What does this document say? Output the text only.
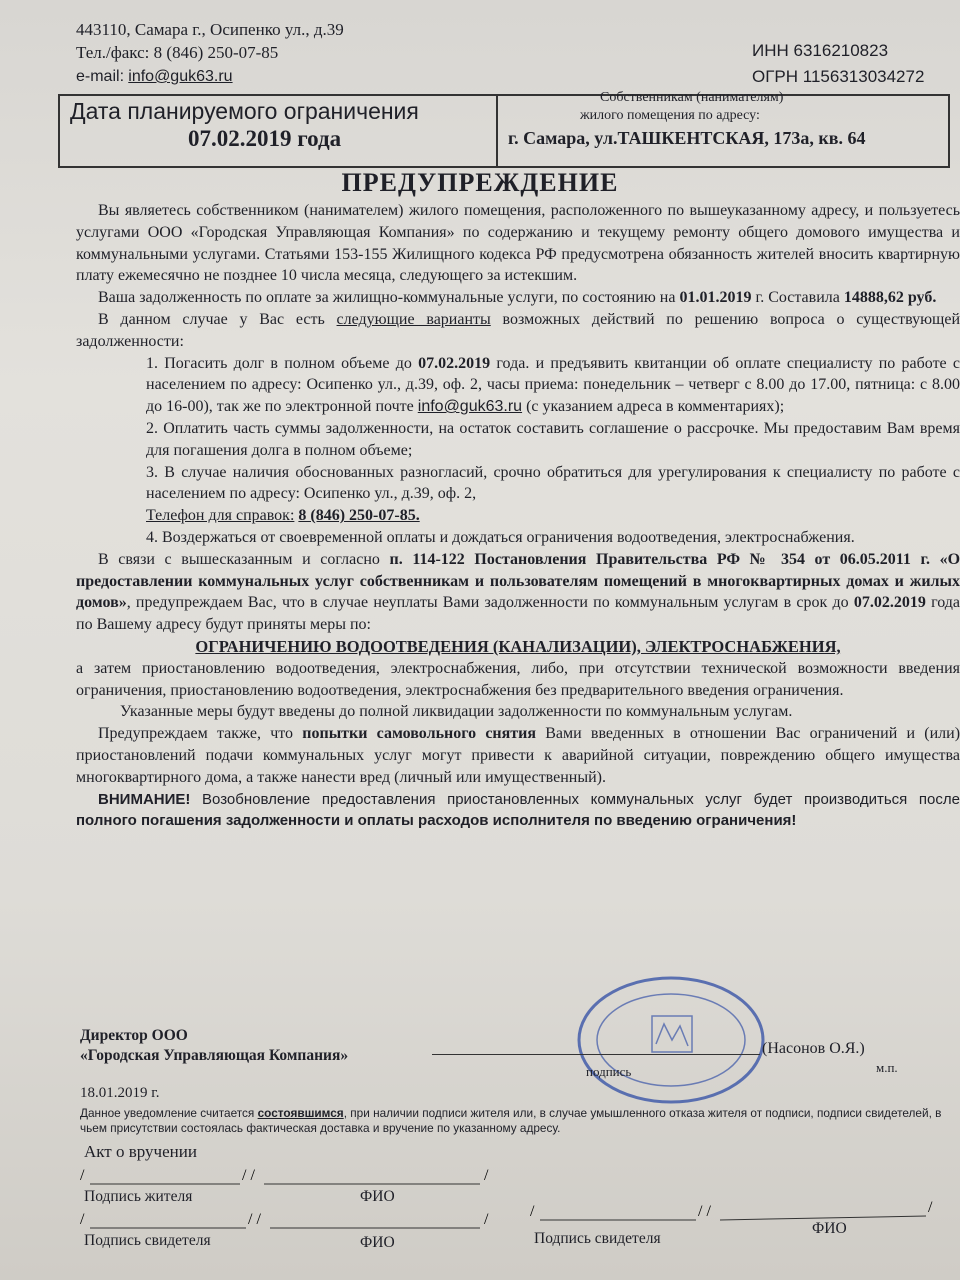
443110, Самара г., Осипенко ул., д.39
Тел./факс: 8 (846) 250-07-85
e-mail: info@guk63.ru
ИНН 6316210823
ОГРН 1156313034272
Дата планируемого ограничения
07.02.2019 года
Собственникам (нанимателям)
жилого помещения по адресу:
г. Самара, ул.ТАШКЕНТСКАЯ, 173а, кв. 64
ПРЕДУПРЕЖДЕНИЕ

Вы являетесь собственником (нанимателем) жилого помещения, расположенного по вышеуказанному адресу, и пользуетесь услугами ООО «Городская Управляющая Компания» по содержанию и текущему ремонту общего домового имущества и коммунальными услугами. Статьями 153-155 Жилищного кодекса РФ предусмотрена обязанность жителей вносить квартирную плату ежемесячно не позднее 10 числа месяца, следующего за истекшим.

Ваша задолженность по оплате за жилищно-коммунальные услуги, по состоянию на 01.01.2019 г. Составила 14888,62 руб.

В данном случае у Вас есть следующие варианты возможных действий по решению вопроса о существующей задолженности:

1. Погасить долг в полном объеме до 07.02.2019 года. и предъявить квитанции об оплате специалисту по работе с населением по адресу: Осипенко ул., д.39, оф. 2, часы приема: понедельник – четверг с 8.00 до 17.00, пятница: с 8.00 до 16-00), так же по электронной почте info@guk63.ru (с указанием адреса в комментариях);

2. Оплатить часть суммы задолженности, на остаток составить соглашение о рассрочке. Мы предоставим Вам время для погашения долга в полном объеме;

3. В случае наличия обоснованных разногласий, срочно обратиться для урегулирования к специалисту по работе с населением по адресу: Осипенко ул., д.39, оф. 2,

Телефон для справок: 8 (846) 250-07-85.

4. Воздержаться от своевременной оплаты и дождаться ограничения водоотведения, электроснабжения.

В связи с вышесказанным и согласно п. 114-122 Постановления Правительства РФ № 354 от 06.05.2011 г. «О предоставлении коммунальных услуг собственникам и пользователям помещений в многоквартирных домах и жилых домов», предупреждаем Вас, что в случае неуплаты Вами задолженности по коммунальным услугам в срок до 07.02.2019 года по Вашему адресу будут приняты меры по:

ОГРАНИЧЕНИЮ ВОДООТВЕДЕНИЯ (КАНАЛИЗАЦИИ), ЭЛЕКТРОСНАБЖЕНИЯ,

а затем приостановлению водоотведения, электроснабжения, либо, при отсутствии технической возможности введения ограничения, приостановлению водоотведения, электроснабжения без предварительного введения ограничения.

Указанные меры будут введены до полной ликвидации задолженности по коммунальным услугам.

Предупреждаем также, что попытки самовольного снятия Вами введенных в отношении Вас ограничений и (или) приостановлений подачи коммунальных услуг могут привести к аварийной ситуации, повреждению общего имущества многоквартирного дома, а также нанести вред (личный или имущественный).

ВНИМАНИЕ! Возобновление предоставления приостановленных коммунальных услуг будет производиться после полного погашения задолженности и оплаты расходов исполнителя по введению ограничения!

Директор ООО
«Городская Управляющая Компания»	(Насонов О.Я.)
подпись	м.п.
18.01.2019 г.
Данное уведомление считается состоявшимся, при наличии подписи жителя или, в случае умышленного отказа жителя от подписи, подписи свидетелей, в чьем присутствии состоялась фактическая доставка и вручение по указанному адресу.
Акт о вручении
/	/ /	/
Подпись жителя	ФИО
/	/ /	/
Подпись свидетеля	ФИО
/	/ /	/
Подпись свидетеля
ФИО
